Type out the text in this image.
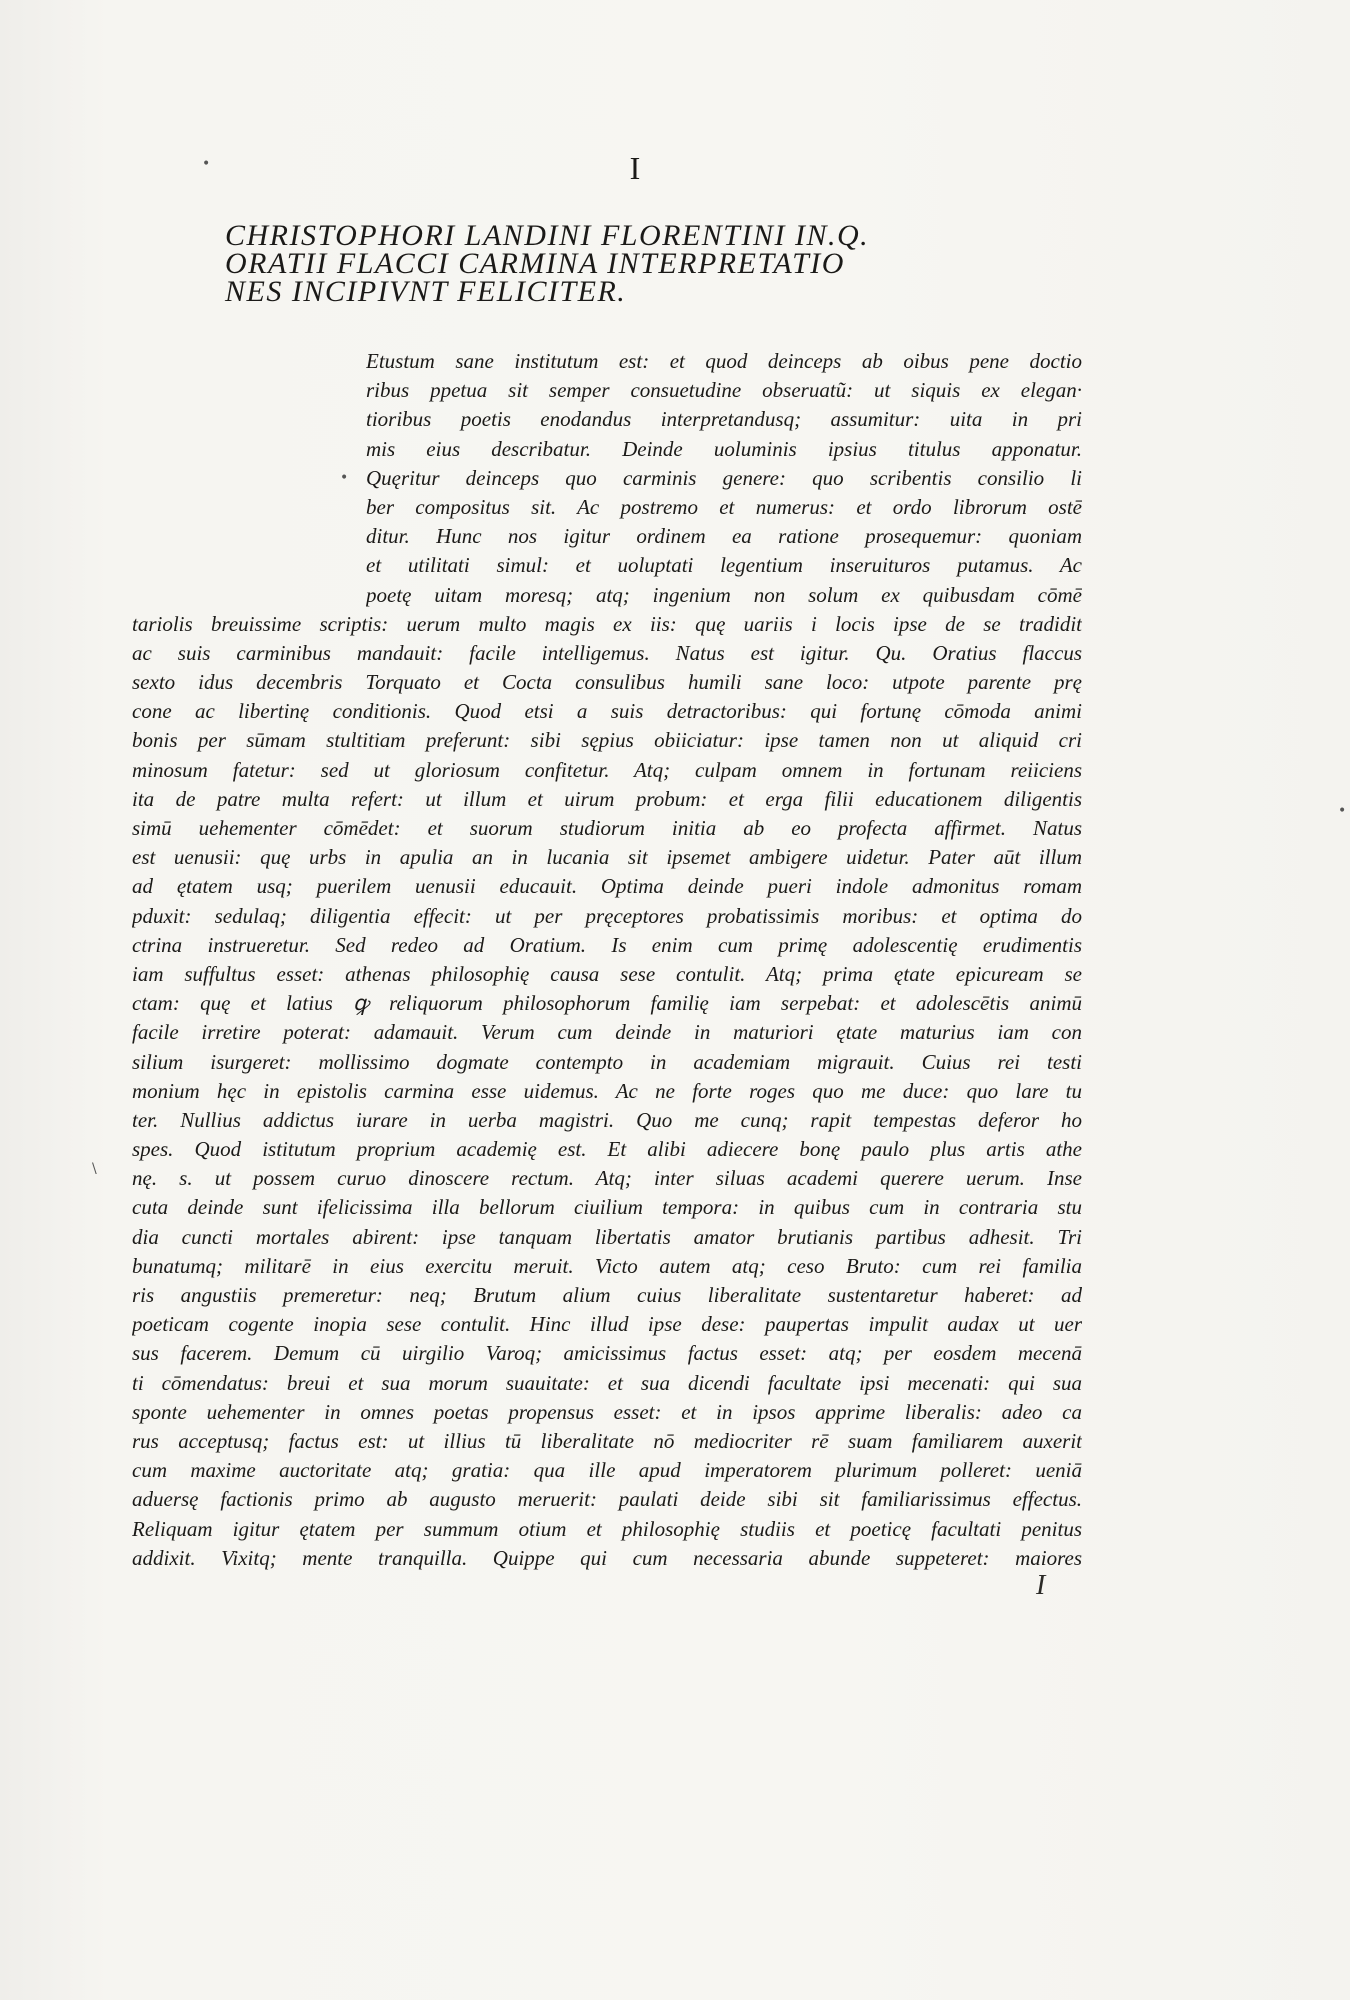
•
•
•
\
I
CHRISTOPHORI LANDINI FLORENTINI IN.Q.
ORATII FLACCI CARMINA INTERPRETATIO
NES INCIPIVNT FELICITER.
Etustum sane institutum est: et quod deinceps ab oibus pene doctio
ribus ppetua sit semper consuetudine obseruatũ: ut siquis ex elegan·
tioribus poetis enodandus interpretandusq; assumitur: uita in pri
mis eius describatur. Deinde uoluminis ipsius titulus apponatur.
Quęritur deinceps quo carminis genere: quo scribentis consilio li
ber compositus sit. Ac postremo et numerus: et ordo librorum ostē
ditur. Hunc nos igitur ordinem ea ratione prosequemur: quoniam
et utilitati simul: et uoluptati legentium inseruituros putamus. Ac
poetę uitam moresq; atq; ingenium non solum ex quibusdam cōmē
tariolis breuissime scriptis: uerum multo magis ex iis: quę uariis i locis ipse de se tradidit
ac suis carminibus mandauit: facile intelligemus. Natus est igitur. Qu. Oratius flaccus
sexto idus decembris Torquato et Cocta consulibus humili sane loco: utpote parente prę
cone ac libertinę conditionis. Quod etsi a suis detractoribus: qui fortunę cōmoda animi
bonis per sūmam stultitiam preferunt: sibi sępius obiiciatur: ipse tamen non ut aliquid cri
minosum fatetur: sed ut gloriosum confitetur. Atq; culpam omnem in fortunam reiiciens
ita de patre multa refert: ut illum et uirum probum: et erga filii educationem diligentis
simū uehementer cōmēdet: et suorum studiorum initia ab eo profecta affirmet. Natus
est uenusii: quę urbs in apulia an in lucania sit ipsemet ambigere uidetur. Pater aūt illum
ad ętatem usq; puerilem uenusii educauit. Optima deinde pueri indole admonitus romam
pduxit: sedulaq; diligentia effecit: ut per pręceptores probatissimis moribus: et optima do
ctrina instrueretur. Sed redeo ad Oratium. Is enim cum primę adolescentię erudimentis
iam suffultus esset: athenas philosophię causa sese contulit. Atq; prima ętate epicuream se
ctam: quę et latius ꝙ reliquorum philosophorum familię iam serpebat: et adolescētis animū
facile irretire poterat: adamauit. Verum cum deinde in maturiori ętate maturius iam con
silium isurgeret: mollissimo dogmate contempto in academiam migrauit. Cuius rei testi
monium hęc in epistolis carmina esse uidemus. Ac ne forte roges quo me duce: quo lare tu
ter. Nullius addictus iurare in uerba magistri. Quo me cunq; rapit tempestas deferor ho
spes. Quod istitutum proprium academię est. Et alibi adiecere bonę paulo plus artis athe
nę. s. ut possem curuo dinoscere rectum. Atq; inter siluas academi querere uerum. Inse
cuta deinde sunt ifelicissima illa bellorum ciuilium tempora: in quibus cum in contraria stu
dia cuncti mortales abirent: ipse tanquam libertatis amator brutianis partibus adhesit. Tri
bunatumq; militarē in eius exercitu meruit. Victo autem atq; ceso Bruto: cum rei familia
ris angustiis premeretur: neq; Brutum alium cuius liberalitate sustentaretur haberet: ad
poeticam cogente inopia sese contulit. Hinc illud ipse dese: paupertas impulit audax ut uer
sus facerem. Demum cū uirgilio Varoq; amicissimus factus esset: atq; per eosdem mecenā
ti cōmendatus: breui et sua morum suauitate: et sua dicendi facultate ipsi mecenati: qui sua
sponte uehementer in omnes poetas propensus esset: et in ipsos apprime liberalis: adeo ca
rus acceptusq; factus est: ut illius tū liberalitate nō mediocriter rē suam familiarem auxerit
cum maxime auctoritate atq; gratia: qua ille apud imperatorem plurimum polleret: ueniā
aduersę factionis primo ab augusto meruerit: paulati deide sibi sit familiarissimus effectus.
Reliquam igitur ętatem per summum otium et philosophię studiis et poeticę facultati penitus
addixit. Vixitq; mente tranquilla. Quippe qui cum necessaria abunde suppeteret: maiores
I
